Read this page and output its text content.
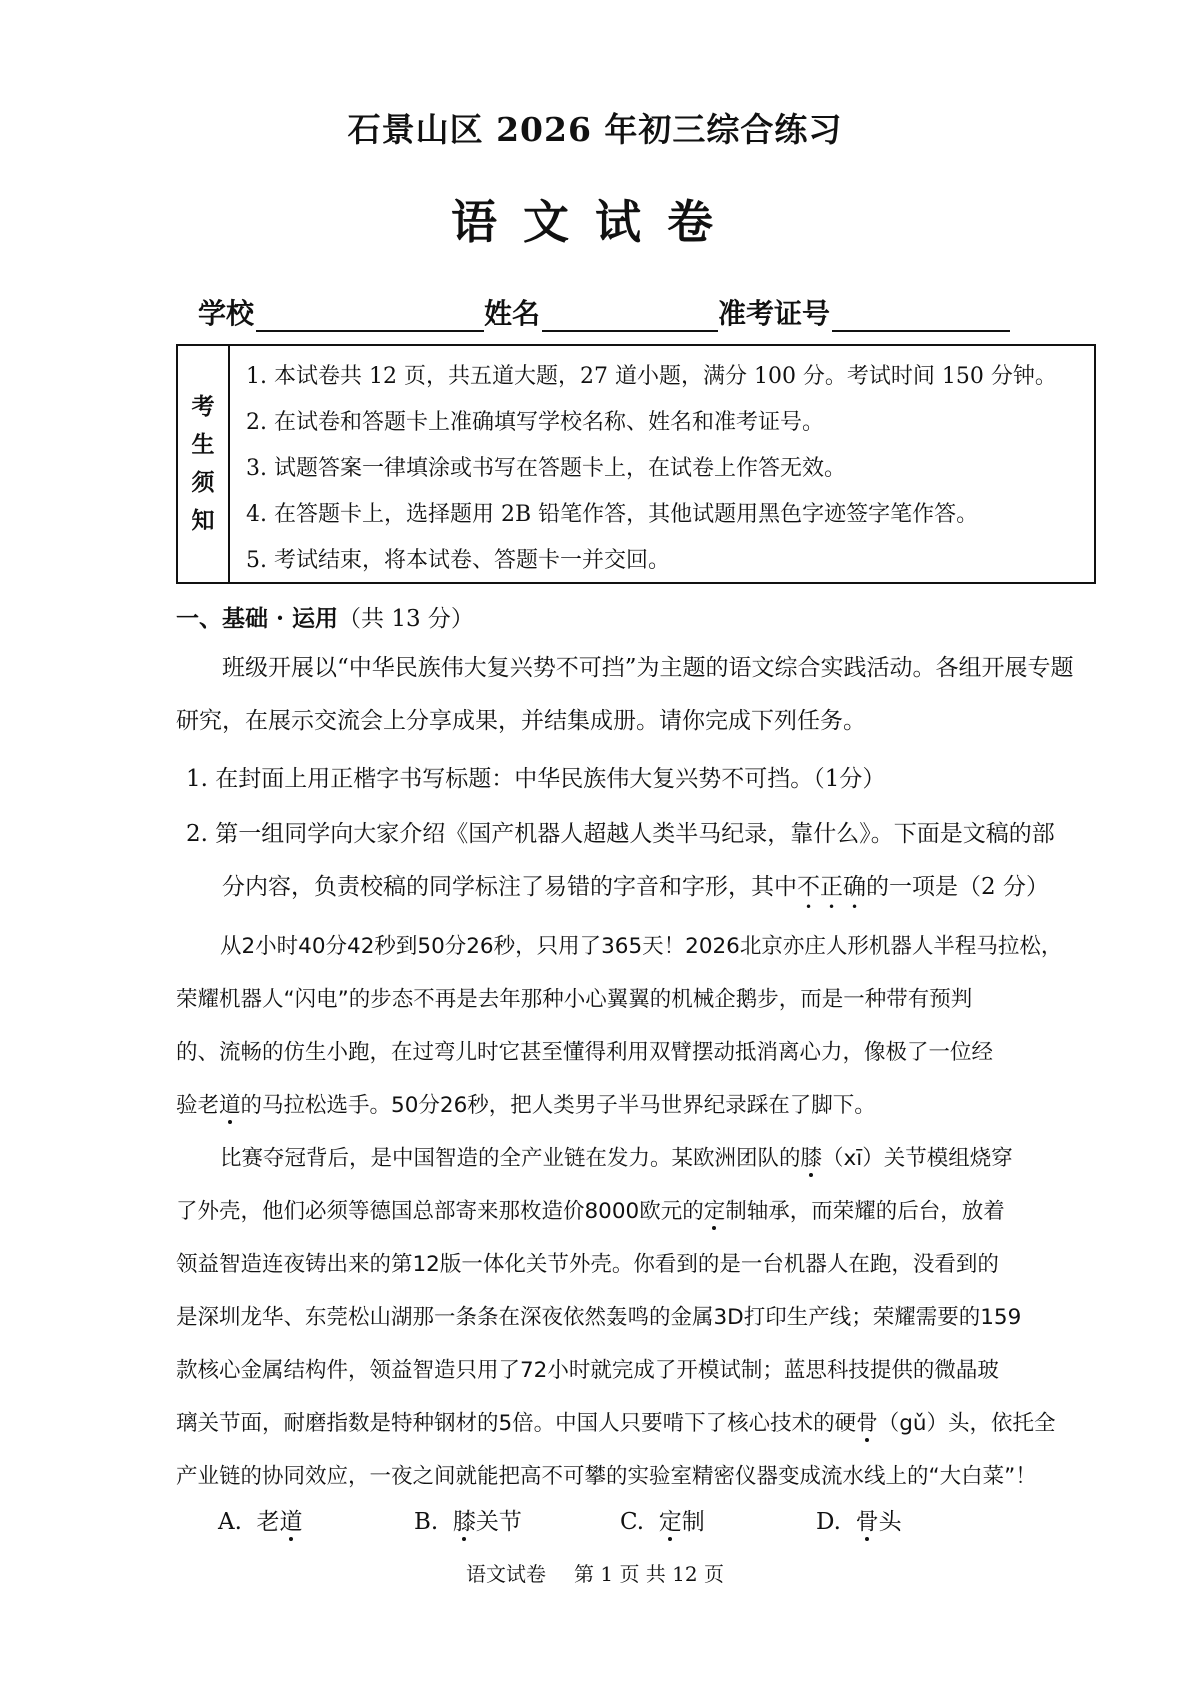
石景山区 2026 年初三综合练习
语文试卷
学校	姓名	准考证号
考
生
须
知
1. 本试卷共 12 页，共五道大题，27 道小题，满分 100 分。考试时间 150 分钟。
2. 在试卷和答题卡上准确填写学校名称、姓名和准考证号。
3. 试题答案一律填涂或书写在答题卡上，在试卷上作答无效。
4. 在答题卡上，选择题用 2B 铅笔作答，其他试题用黑色字迹签字笔作答。
5. 考试结束，将本试卷、答题卡一并交回。
一、基础 · 运用（共 13 分）
班级开展以“中华民族伟大复兴势不可挡”为主题的语文综合实践活动。各组开展专题研究，在展示交流会上分享成果，并结集成册。请你完成下列任务。
1. 在封面上用正楷字书写标题：中华民族伟大复兴势不可挡。（1分）
2. 第一组同学向大家介绍《国产机器人超越人类半马纪录，靠什么》。下面是文稿的部
分内容，负责校稿的同学标注了易错的字音和字形，其中不正确的一项是（2 分）
从2小时40分42秒到50分26秒，只用了365天！2026北京亦庄人形机器人半程马拉松，
荣耀机器人“闪电”的步态不再是去年那种小心翼翼的机械企鹅步，而是一种带有预判
的、流畅的仿生小跑，在过弯儿时它甚至懂得利用双臂摆动抵消离心力，像极了一位经
验老道的马拉松选手。50分26秒，把人类男子半马世界纪录踩在了脚下。
比赛夺冠背后，是中国智造的全产业链在发力。某欧洲团队的膝（xī）关节模组烧穿
了外壳，他们必须等德国总部寄来那枚造价8000欧元的定制轴承，而荣耀的后台，放着
领益智造连夜铸出来的第12版一体化关节外壳。你看到的是一台机器人在跑，没看到的
是深圳龙华、东莞松山湖那一条条在深夜依然轰鸣的金属3D打印生产线；荣耀需要的159
款核心金属结构件，领益智造只用了72小时就完成了开模试制；蓝思科技提供的微晶玻
璃关节面，耐磨指数是特种钢材的5倍。中国人只要啃下了核心技术的硬骨（gǔ）头，依托全
语文试卷 第 1 页 共 12 页
产业链的协同效应，一夜之间就能把高不可攀的实验室精密仪器变成流水线上的“大白菜”！
A. 老道	B. 膝关节	C. 定制	D. 骨头
